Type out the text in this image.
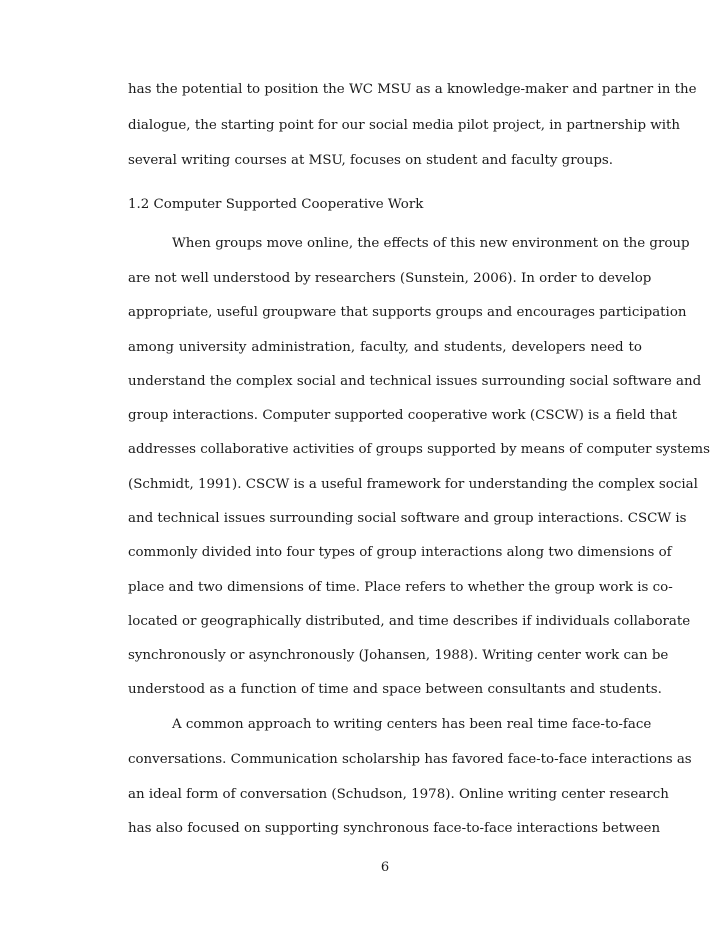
has the potential to position the WC MSU as a knowledge-maker and partner in the
dialogue, the starting point for our social media pilot project, in partnership with
several writing courses at MSU, focuses on student and faculty groups.
1.2 Computer Supported Cooperative Work
When groups move online, the effects of this new environment on the group
are not well understood by researchers (Sunstein, 2006). In order to develop
appropriate, useful groupware that supports groups and encourages participation
among university administration, faculty, and students, developers need to
understand the complex social and technical issues surrounding social software and
group interactions. Computer supported cooperative work (CSCW) is a field that
addresses collaborative activities of groups supported by means of computer systems
(Schmidt, 1991). CSCW is a useful framework for understanding the complex social
and technical issues surrounding social software and group interactions. CSCW is
commonly divided into four types of group interactions along two dimensions of
place and two dimensions of time. Place refers to whether the group work is co-
located or geographically distributed, and time describes if individuals collaborate
synchronously or asynchronously (Johansen, 1988). Writing center work can be
understood as a function of time and space between consultants and students.
A common approach to writing centers has been real time face-to-face
conversations. Communication scholarship has favored face-to-face interactions as
an ideal form of conversation (Schudson, 1978). Online writing center research
has also focused on supporting synchronous face-to-face interactions between
6
